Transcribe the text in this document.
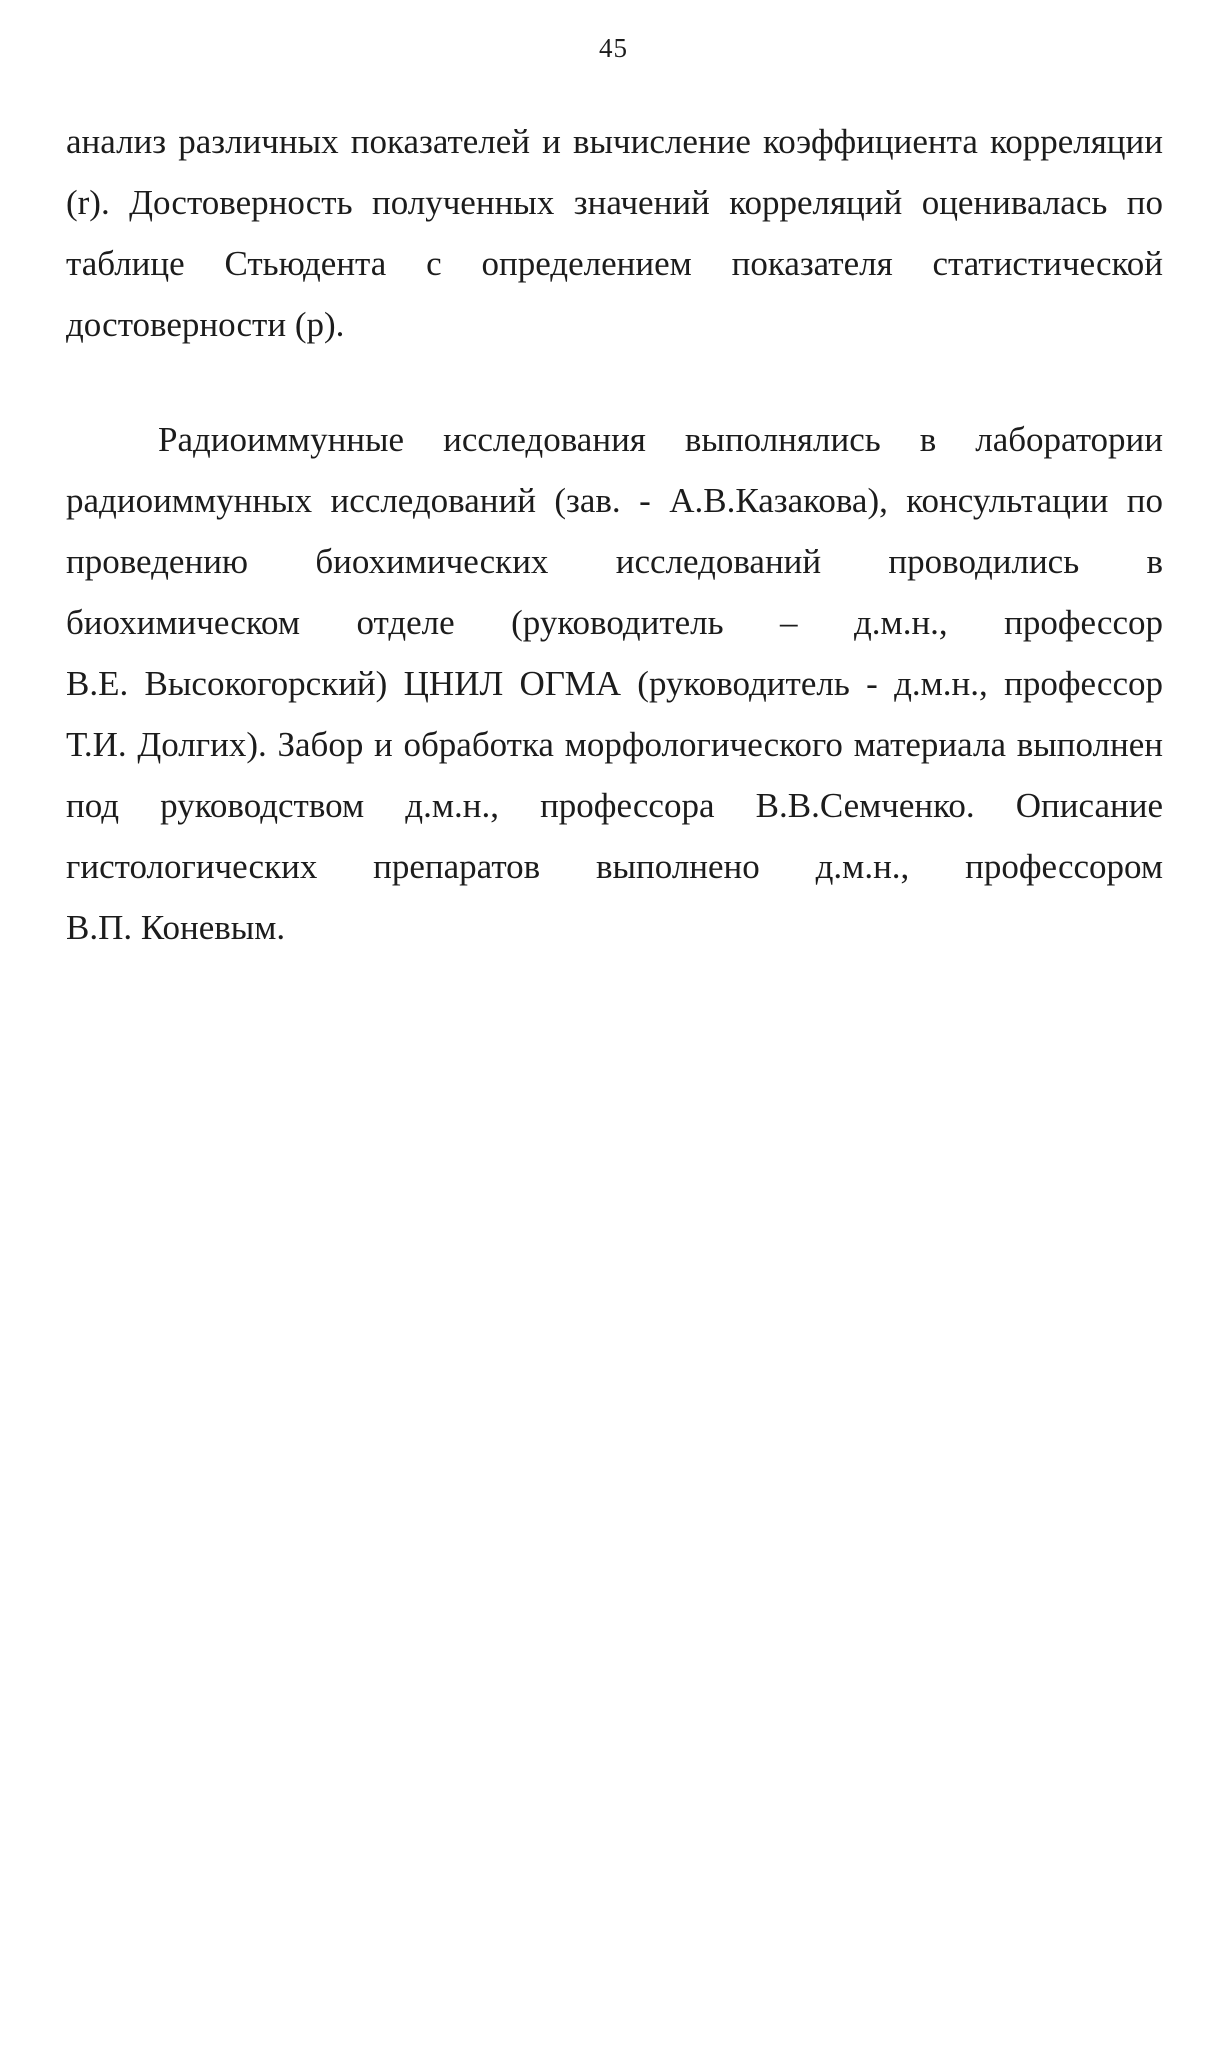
45
анализ различных показателей и вычисление коэффициента корреляции
(r). Достоверность полученных значений корреляций оценивалась по
таблице Стьюдента с определением показателя статистической
достоверности (р).
Радиоиммунные исследования выполнялись в лаборатории
радиоиммунных исследований (зав. - А.В.Казакова), консультации по
проведению биохимических исследований проводились в
биохимическом отделе (руководитель – д.м.н., профессор
В.Е. Высокогорский) ЦНИЛ ОГМА (руководитель - д.м.н., профессор
Т.И. Долгих). Забор и обработка морфологического материала выполнен
под руководством д.м.н., профессора В.В.Семченко. Описание
гистологических препаратов выполнено д.м.н., профессором
В.П. Коневым.
